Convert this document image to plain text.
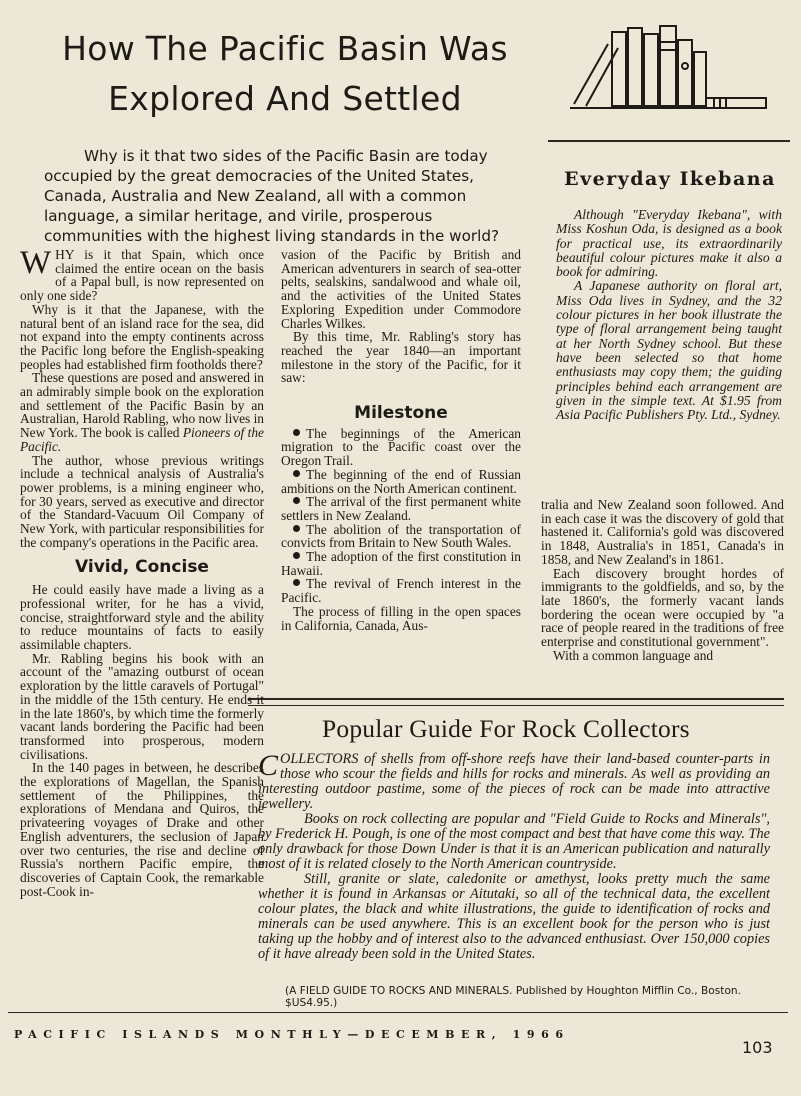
How The Pacific Basin Was
Explored And Settled

Why is it that two sides of the Pacific Basin are today occupied by the great democracies of the United States, Canada, Australia and New Zealand, all with a common language, a similar heritage, and virile, prosperous communities with the highest living standards in the world?

WHY is it that Spain, which once claimed the entire ocean on the basis of a Papal bull, is now represented on only one side?

Why is it that the Japanese, with the natural bent of an island race for the sea, did not expand into the empty continents across the Pacific long before the English-speaking peoples had established firm footholds there?

These questions are posed and answered in an admirably simple book on the exploration and settlement of the Pacific Basin by an Australian, Harold Rabling, who now lives in New York. The book is called Pioneers of the Pacific.

The author, whose previous writings include a technical analysis of Australia's power problems, is a mining engineer who, for 30 years, served as executive and director of the Standard-Vacuum Oil Company of New York, with particular responsibilities for the company's operations in the Pacific area.

Vivid, Concise

He could easily have made a living as a professional writer, for he has a vivid, concise, straightforward style and the ability to reduce mountains of facts to easily assimilable chapters.

Mr. Rabling begins his book with an account of the "amazing outburst of ocean exploration by the little caravels of Portugal" in the middle of the 15th century. He ends it in the late 1860's, by which time the formerly vacant lands bordering the Pacific had been transformed into prosperous, modern civilisations.

In the 140 pages in between, he describes the explorations of Magellan, the Spanish settlement of the Philippines, the explorations of Mendana and Quiros, the privateering voyages of Drake and other English adventurers, the seclusion of Japan over two centuries, the rise and decline of Russia's northern Pacific empire, the discoveries of Captain Cook, the remarkable post-Cook in-

vasion of the Pacific by British and American adventurers in search of sea-otter pelts, sealskins, sandalwood and whale oil, and the activities of the United States Exploring Expedition under Commodore Charles Wilkes.

By this time, Mr. Rabling's story has reached the year 1840—an important milestone in the story of the Pacific, for it saw:

Milestone

The beginnings of the American migration to the Pacific coast over the Oregon Trail.

The beginning of the end of Russian ambitions on the North American continent.

The arrival of the first permanent white settlers in New Zealand.

The abolition of the transportation of convicts from Britain to New South Wales.

The adoption of the first constitution in Hawaii.

The revival of French interest in the Pacific.

The process of filling in the open spaces in California, Canada, Aus-

Everyday Ikebana

Although "Everyday Ikebana", with Miss Koshun Oda, is designed as a book for practical use, its extraordinarily beautiful colour pictures make it also a book for admiring.

A Japanese authority on floral art, Miss Oda lives in Sydney, and the 32 colour pictures in her book illustrate the type of floral arrangement being taught at her North Sydney school. But these have been selected so that home enthusiasts may copy them; the guiding principles behind each arrangement are given in the simple text. At $1.95 from Asia Pacific Publishers Pty. Ltd., Sydney.

tralia and New Zealand soon followed. And in each case it was the discovery of gold that hastened it. California's gold was discovered in 1848, Australia's in 1851, Canada's in 1858, and New Zealand's in 1861.

Each discovery brought hordes of immigrants to the goldfields, and so, by the late 1860's, the formerly vacant lands bordering the ocean were occupied by "a race of people reared in the traditions of free enterprise and constitutional government".

With a common language and

Popular Guide For Rock Collectors

COLLECTORS of shells from off-shore reefs have their land-based counter-parts in those who scour the fields and hills for rocks and minerals. As well as providing an interesting outdoor pastime, some of the pieces of rock can be made into attractive jewellery.

Books on rock collecting are popular and "Field Guide to Rocks and Minerals", by Frederick H. Pough, is one of the most compact and best that have come this way. The only drawback for those Down Under is that it is an American publication and naturally most of it is related closely to the North American countryside.

Still, granite or slate, caledonite or amethyst, looks pretty much the same whether it is found in Arkansas or Aitutaki, so all of the technical data, the excellent colour plates, the black and white illustrations, the guide to identification of rocks and minerals can be used anywhere. This is an excellent book for the person who is just taking up the hobby and of interest also to the advanced enthusiast. Over 150,000 copies of it have already been sold in the United States.

(A FIELD GUIDE TO ROCKS AND MINERALS. Published by Houghton Mifflin Co., Boston. $US4.95.)
PACIFIC ISLANDS MONTHLY—DECEMBER, 1966
103
